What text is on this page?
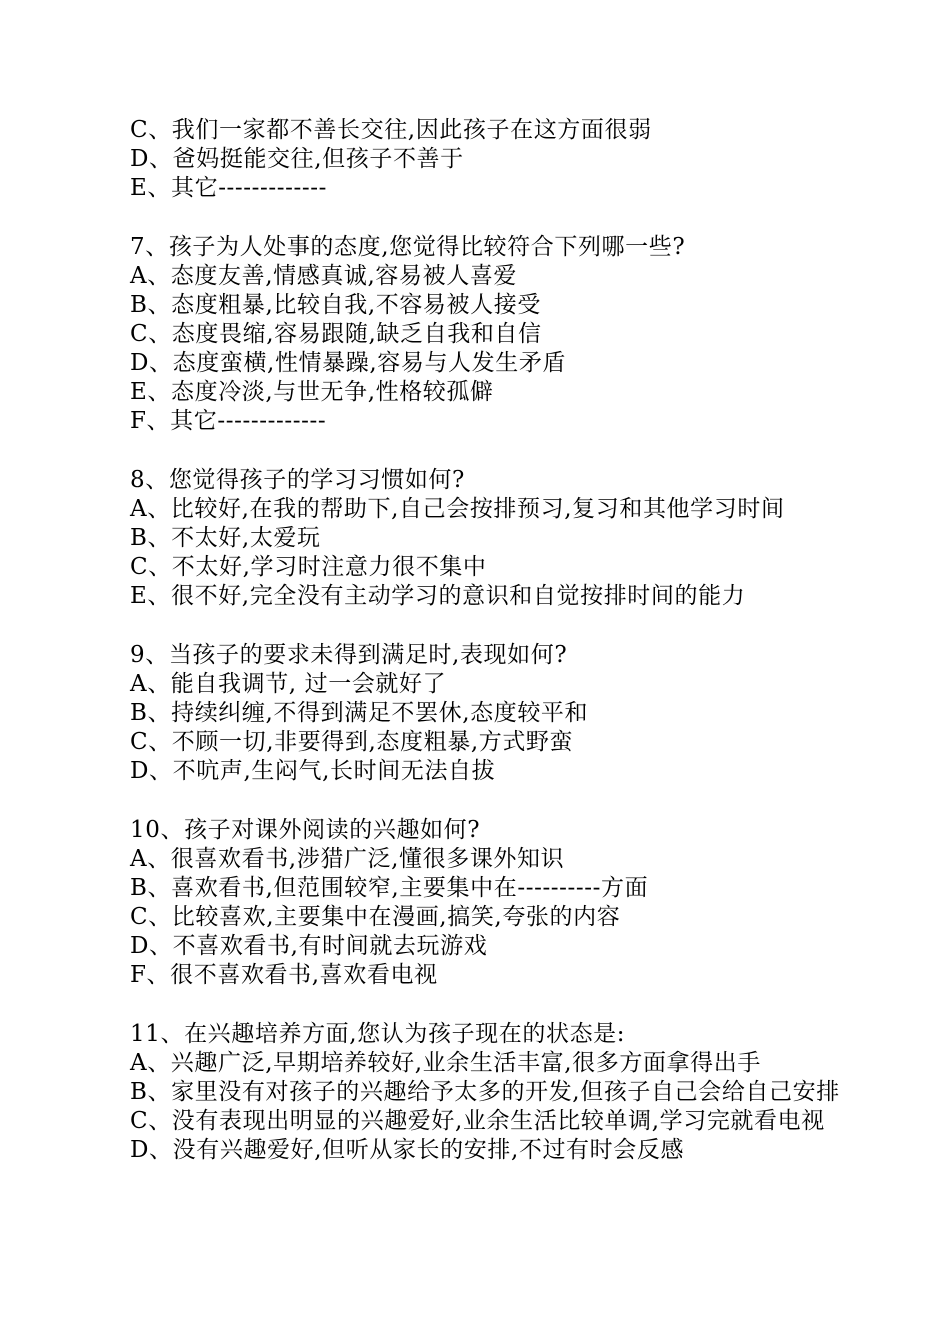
C、我们一家都不善长交往,因此孩子在这方面很弱

D、爸妈挺能交往,但孩子不善于

E、其它-------------

7、孩子为人处事的态度,您觉得比较符合下列哪一些?

A、态度友善,情感真诚,容易被人喜爱

B、态度粗暴,比较自我,不容易被人接受

C、态度畏缩,容易跟随,缺乏自我和自信

D、态度蛮横,性情暴躁,容易与人发生矛盾

E、态度冷淡,与世无争,性格较孤僻

F、其它-------------

8、您觉得孩子的学习习惯如何?

A、比较好,在我的帮助下,自己会按排预习,复习和其他学习时间

B、不太好,太爱玩

C、不太好,学习时注意力很不集中

E、很不好,完全没有主动学习的意识和自觉按排时间的能力

9、当孩子的要求未得到满足时,表现如何?

A、能自我调节, 过一会就好了

B、持续纠缠,不得到满足不罢休,态度较平和

C、不顾一切,非要得到,态度粗暴,方式野蛮

D、不吭声,生闷气,长时间无法自拔

10、孩子对课外阅读的兴趣如何?

A、很喜欢看书,涉猎广泛,懂很多课外知识

B、喜欢看书,但范围较窄,主要集中在----------方面

C、比较喜欢,主要集中在漫画,搞笑,夸张的内容

D、不喜欢看书,有时间就去玩游戏

F、很不喜欢看书,喜欢看电视

11、在兴趣培养方面,您认为孩子现在的状态是:

A、兴趣广泛,早期培养较好,业余生活丰富,很多方面拿得出手

B、家里没有对孩子的兴趣给予太多的开发,但孩子自己会给自己安排

C、没有表现出明显的兴趣爱好,业余生活比较单调,学习完就看电视

D、没有兴趣爱好,但听从家长的安排,不过有时会反感
